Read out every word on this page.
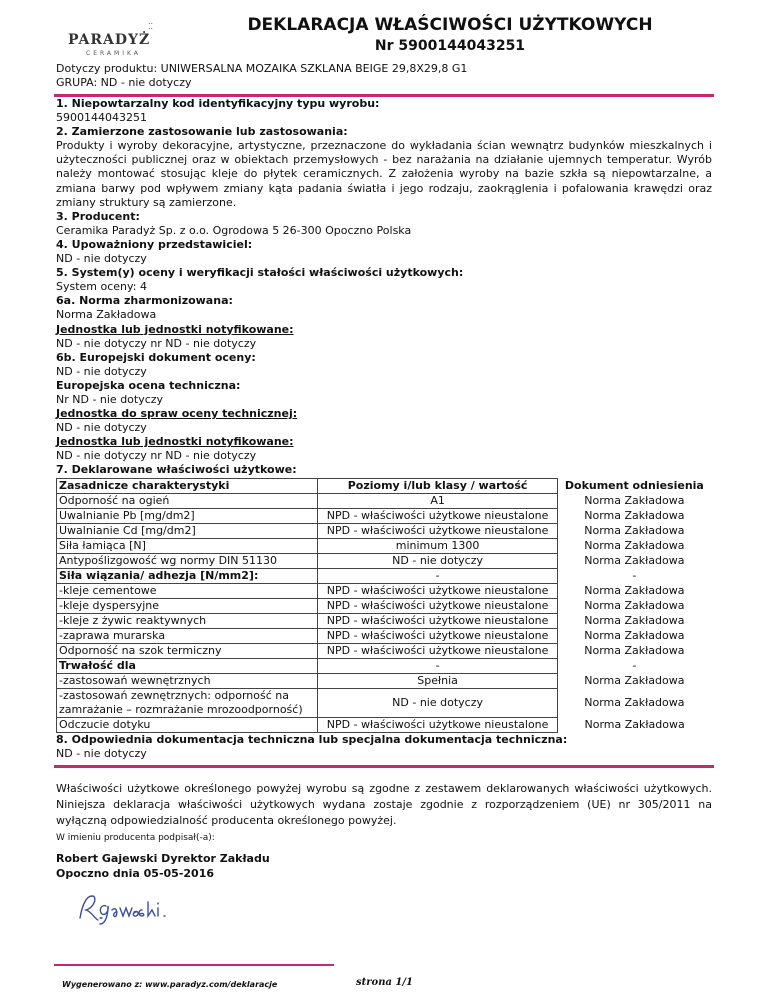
⁚⁚
PARADYŻ
CERAMIKA
DEKLARACJA WŁAŚCIWOŚCI UŻYTKOWYCH
Nr 5900144043251
Dotyczy produktu: UNIWERSALNA MOZAIKA SZKLANA BEIGE 29,8X29,8 G1
GRUPA: ND - nie dotyczy
1. Niepowtarzalny kod identyfikacyjny typu wyrobu:
5900144043251
2. Zamierzone zastosowanie lub zastosowania:
Produkty i wyroby dekoracyjne, artystyczne, przeznaczone do wykładania ścian wewnątrz budynków mieszkalnych i użyteczności publicznej oraz w obiektach przemysłowych - bez narażania na działanie ujemnych temperatur. Wyrób należy montować stosując kleje do płytek ceramicznych. Z założenia wyroby na bazie szkła są niepowtarzalne, a zmiana barwy pod wpływem zmiany kąta padania światła i jego rodzaju, zaokrąglenia i pofalowania krawędzi oraz zmiany struktury są zamierzone.
3. Producent:
Ceramika Paradyż Sp. z o.o. Ogrodowa 5 26-300 Opoczno Polska
4. Upoważniony przedstawiciel:
ND - nie dotyczy
5. System(y) oceny i weryfikacji stałości właściwości użytkowych:
System oceny: 4
6a. Norma zharmonizowana:
Norma Zakładowa
Jednostka lub jednostki notyfikowane:
ND - nie dotyczy nr ND - nie dotyczy
6b. Europejski dokument oceny:
ND - nie dotyczy
Europejska ocena techniczna:
Nr ND - nie dotyczy
Jednostka do spraw oceny technicznej:
ND - nie dotyczy
Jednostka lub jednostki notyfikowane:
ND - nie dotyczy nr ND - nie dotyczy
7. Deklarowane właściwości użytkowe:
Zasadnicze charakterystyki	Poziomy i/lub klasy / wartość	Dokument odniesienia
Odporność na ogień	A1	Norma Zakładowa
Uwalnianie Pb [mg/dm2]	NPD - właściwości użytkowe nieustalone	Norma Zakładowa
Uwalnianie Cd [mg/dm2]	NPD - właściwości użytkowe nieustalone	Norma Zakładowa
Siła łamiąca [N]	minimum 1300	Norma Zakładowa
Antypoślizgowość wg normy DIN 51130	ND - nie dotyczy	Norma Zakładowa
Siła wiązania/ adhezja [N/mm2]:	-	-
-kleje cementowe	NPD - właściwości użytkowe nieustalone	Norma Zakładowa
-kleje dyspersyjne	NPD - właściwości użytkowe nieustalone	Norma Zakładowa
-kleje z żywic reaktywnych	NPD - właściwości użytkowe nieustalone	Norma Zakładowa
-zaprawa murarska	NPD - właściwości użytkowe nieustalone	Norma Zakładowa
Odporność na szok termiczny	NPD - właściwości użytkowe nieustalone	Norma Zakładowa
Trwałość dla	-	-
-zastosowań wewnętrznych	Spełnia	Norma Zakładowa
-zastosowań zewnętrznych: odporność na zamrażanie – rozmrażanie mrozoodporność)	ND - nie dotyczy	Norma Zakładowa
Odczucie dotyku	NPD - właściwości użytkowe nieustalone	Norma Zakładowa
8. Odpowiednia dokumentacja techniczna lub specjalna dokumentacja techniczna:
ND - nie dotyczy
Właściwości użytkowe określonego powyżej wyrobu są zgodne z zestawem deklarowanych właściwości użytkowych. Niniejsza deklaracja właściwości użytkowych wydana zostaje zgodnie z rozporządzeniem (UE) nr 305/2011 na wyłączną odpowiedzialność producenta określonego powyżej.
W imieniu producenta podpisał(-a):
Robert Gajewski Dyrektor Zakładu
Opoczno dnia 05-05-2016
Wygenerowano z: www.paradyz.com/deklaracje	strona 1/1
